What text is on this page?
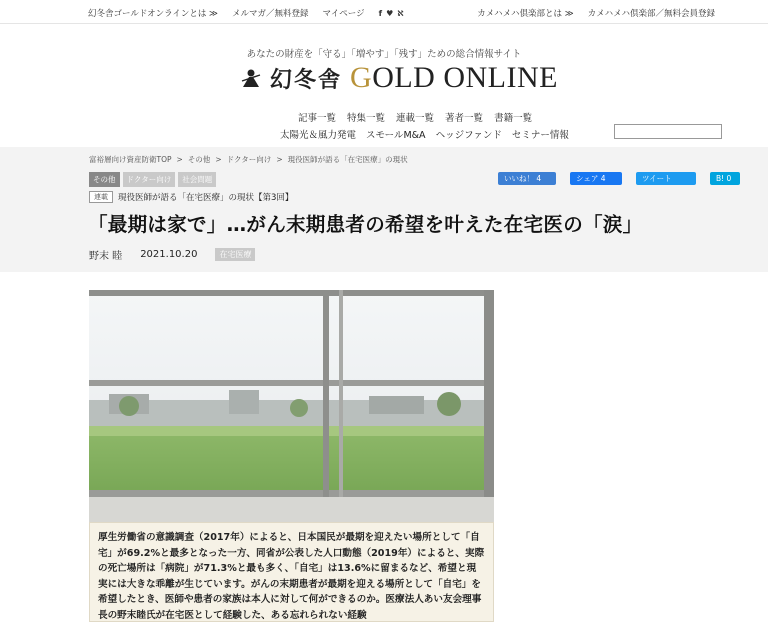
幻冬舎ゴールドオンラインとは ≫ メルマガ／無料登録 マイページ f ♥ ℵ	カメハメハ倶楽部とは ≫ カメハメハ倶楽部／無料会員登録
あなたの財産を「守る」「増やす」「残す」ための総合情報サイト
幻冬舎 GOLD ONLINE
記事一覧 特集一覧 連載一覧 著者一覧 書籍一覧
太陽光＆風力発電 スモールM&A ヘッジファンド セミナー情報
富裕層向け資産防衛TOP > その他 > ドクター向け > 現役医師が語る「在宅医療」の現状
その他	ドクター向け	社会問題	いいね！ 4	シェア 4	ツイート	B! 0
連載	現役医師が語る「在宅医療」の現状【第3回】
「最期は家で」…がん末期患者の希望を叶えた在宅医の「涙」
野末 睦 2021.10.20	在宅医療
厚生労働省の意識調査（2017年）によると、日本国民が最期を迎えたい場所として「自宅」が69.2%と最多となった一方、同省が公表した人口動態（2019年）によると、実際の死亡場所は「病院」が71.3%と最も多く、「自宅」は13.6%に留まるなど、希望と現実には大きな乖離が生じています。がんの末期患者が最期を迎える場所として「自宅」を希望したとき、医師や患者の家族は本人に対して何ができるのか。医療法人あい友会理事長の野末睦氏が在宅医として経験した、ある忘れられない経験
